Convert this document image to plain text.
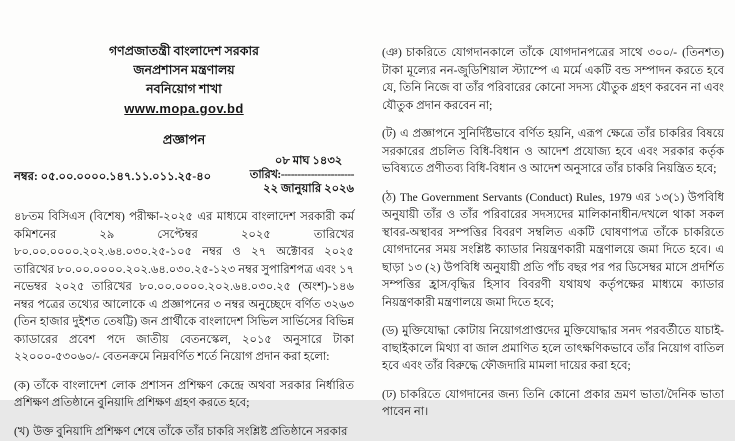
গণপ্রজাতন্ত্রী বাংলাদেশ সরকার
জনপ্রশাসন মন্ত্রণালয়
নবনিয়োগ শাখা
www.mopa.gov.bd
প্রজ্ঞাপন
নম্বর: ০৫.০০.০০০০.১৪৭.১১.০১১.২৫-৪০
০৮ মাঘ ১৪৩২
তারিখ:----------------------
২২ জানুয়ারি ২০২৬

৪৮তম বিসিএস (বিশেষ) পরীক্ষা-২০২৫ এর মাধ্যমে বাংলাদেশ সরকারী কর্ম কমিশনের ২৯ সেপ্টেম্বর ২০২৫ তারিখের ৮০.০০.০০০০.২০২.৬৪.০৩০.২৫-১০৫ নম্বর ও ২৭ অক্টোবর ২০২৫ তারিখের ৮০.০০.০০০০.২০২.৬৪.০৩০.২৫-১২৩ নম্বর সুপারিশপত্র এবং ১৭ নভেম্বর ২০২৫ তারিখের ৮০.০০.০০০০.২০২.৬৪.০৩০.২৫ (অংশ)-১৪৬ নম্বর পত্রের তথ্যের আলোকে এ প্রজ্ঞাপনের ৩ নম্বর অনুচ্ছেদে বর্ণিত ৩২৬৩ (তিন হাজার দুইশত তেষট্টি) জন প্রার্থীকে বাংলাদেশ সিভিল সার্ভিসের বিভিন্ন ক্যাডারের প্রবেশ পদে জাতীয় বেতনস্কেল, ২০১৫ অনুসারে টাকা ২২০০০-৫৩০৬০/- বেতনক্রমে নিম্নবর্ণিত শর্তে নিয়োগ প্রদান করা হলো:

(ক) তাঁকে বাংলাদেশ লোক প্রশাসন প্রশিক্ষণ কেন্দ্রে অথবা সরকার নির্ধারিত প্রশিক্ষণ প্রতিষ্ঠানে বুনিয়াদি প্রশিক্ষণ গ্রহণ করতে হবে;

(খ) উক্ত বুনিয়াদি প্রশিক্ষণ শেষে তাঁকে তাঁর চাকরি সংশ্লিষ্ট প্রতিষ্ঠানে সরকার

(ঞ) চাকরিতে যোগদানকালে তাঁকে যোগদানপত্রের সাথে ৩০০/- (তিনশত) টাকা মূল্যের নন-জুডিশিয়াল স্ট্যাম্পে এ মর্মে একটি বন্ড সম্পাদন করতে হবে যে, তিনি নিজে বা তাঁর পরিবারের কোনো সদস্য যৌতুক গ্রহণ করবেন না এবং যৌতুক প্রদান করবেন না;

(ট) এ প্রজ্ঞাপনে সুনির্দিষ্টভাবে বর্ণিত হয়নি, এরূপ ক্ষেত্রে তাঁর চাকরির বিষয়ে সরকারের প্রচলিত বিধি-বিধান ও আদেশ প্রযোজ্য হবে এবং সরকার কর্তৃক ভবিষ্যতে প্রণীতব্য বিধি-বিধান ও আদেশ অনুসারে তাঁর চাকরি নিয়ন্ত্রিত হবে;

(ঠ) The Government Servants (Conduct) Rules, 1979 এর ১৩(১) উপবিধি অনুযায়ী তাঁর ও তাঁর পরিবারের সদস্যদের মালিকানাধীন/দখলে থাকা সকল স্থাবর-অস্থাবর সম্পত্তির বিবরণ সম্বলিত একটি ঘোষণাপত্র তাঁকে চাকরিতে যোগদানের সময় সংশ্লিষ্ট ক্যাডার নিয়ন্ত্রণকারী মন্ত্রণালয়ে জমা দিতে হবে। এ ছাড়া ১৩ (২) উপবিধি অনুযায়ী প্রতি পাঁচ বছর পর পর ডিসেম্বর মাসে প্রদর্শিত সম্পত্তির হ্রাস/বৃদ্ধির হিসাব বিবরণী যথাযথ কর্তৃপক্ষের মাধ্যমে ক্যাডার নিয়ন্ত্রণকারী মন্ত্রণালয়ে জমা দিতে হবে;

(ড) মুক্তিযোদ্ধা কোটায় নিয়োগপ্রাপ্তদের মুক্তিযোদ্ধার সনদ পরবর্তীতে যাচাই-বাছাইকালে মিথ্যা বা জাল প্রমাণিত হলে তাৎক্ষণিকভাবে তাঁর নিয়োগ বাতিল হবে এবং তাঁর বিরুদ্ধে ফৌজদারি মামলা দায়ের করা হবে;

(ঢ) চাকরিতে যোগদানের জন্য তিনি কোনো প্রকার ভ্রমণ ভাতা/দৈনিক ভাতা পাবেন না।
